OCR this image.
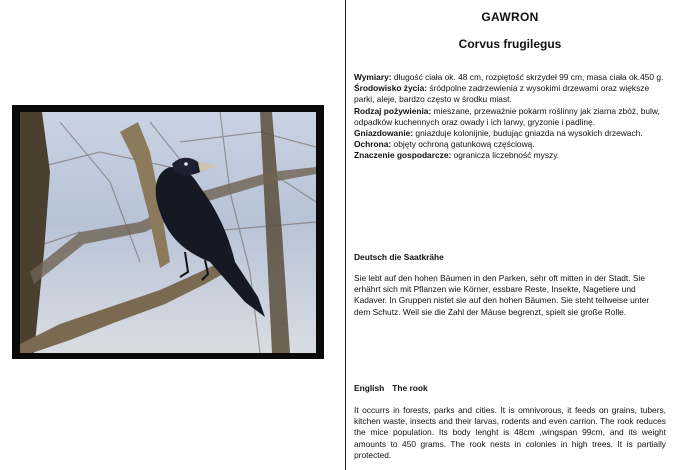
GAWRON
Corvus frugilegus

Wymiary: długość ciała ok. 48 cm, rozpiętość skrzydeł 99 cm, masa ciała ok.450 g.

Środowisko życia: śródpolne zadrzewienia z wysokimi drzewami oraz większe parki, aleje, bardzo często w środku miast.

Rodzaj pożywienia: mieszane, przeważnie pokarm roślinny jak ziarna zbóż, bulw, odpadków kuchennych oraz owady i ich larwy, gryzonie i padlinę.

Gniazdowanie: gniazduje kolonijnie, budując gniazda na wysokich drzewach.

Ochrona: objęty ochroną gatunkową częściową.

Znaczenie gospodarcze: ogranicza liczebność myszy.

Deutsch die Saatkrähe

Sie lebt auf den hohen Bäumen in den Parken, sehr oft mitten in der Stadt. Sie erhährt sich mit Pflanzen wie Körner, essbare Reste, Insekte, Nagetiere und Kadaver. In Gruppen nistet sie auf den hohen Bäumen. Sie steht teilweise unter dem Schutz. Weil sie die Zahl der Mäuse begrenzt, spielt sie große Rolle.

English The rook

It occurrs in forests, parks and cities. It is omnivorous, it feeds on grains, tubers, kitchen waste, insects and their larvas, rodents and even carrion. The rook reduces the mice population. Its body lenght is 48cm ,wingspan 99cm, and its weight amounts to 450 grams. The rook nests in colonies in high trees. It is partially protected.
